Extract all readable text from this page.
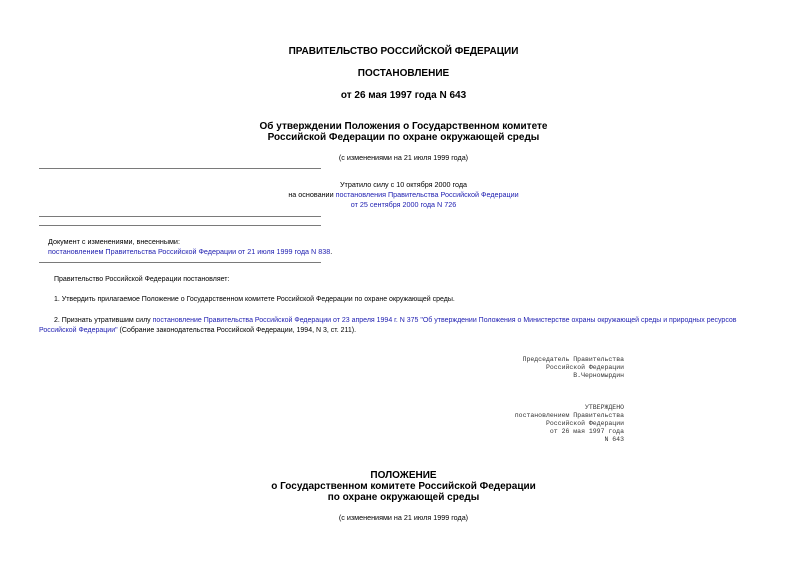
ПРАВИТЕЛЬСТВО РОССИЙСКОЙ ФЕДЕРАЦИИ
ПОСТАНОВЛЕНИЕ
от 26 мая 1997 года N 643
Об утверждении Положения о Государственном комитете
Российской Федерации по охране окружающей среды
(с изменениями на 21 июля 1999 года)
Утратило силу с 10 октября 2000 года
на основании постановления Правительства Российской Федерации
от 25 сентября 2000 года N 726
Документ с изменениями, внесенными:
постановлением Правительства Российской Федерации от 21 июля 1999 года N 838.
Правительство Российской Федерации постановляет:
1. Утвердить прилагаемое Положение о Государственном комитете Российской Федерации по охране окружающей среды.
2. Признать утратившим силу постановление Правительства Российской Федерации от 23 апреля 1994 г. N 375 "Об утверждении Положения о Министерстве охраны окружающей среды и природных ресурсов
Российской Федерации" (Собрание законодательства Российской Федерации, 1994, N 3, ст. 211).
Председатель Правительства
Российской Федерации
В.Черномырдин
УТВЕРЖДЕНО
постановлением Правительства
Российской Федерации
от 26 мая 1997 года
N 643
ПОЛОЖЕНИЕ
о Государственном комитете Российской Федерации
по охране окружающей среды
(с изменениями на 21 июля 1999 года)
